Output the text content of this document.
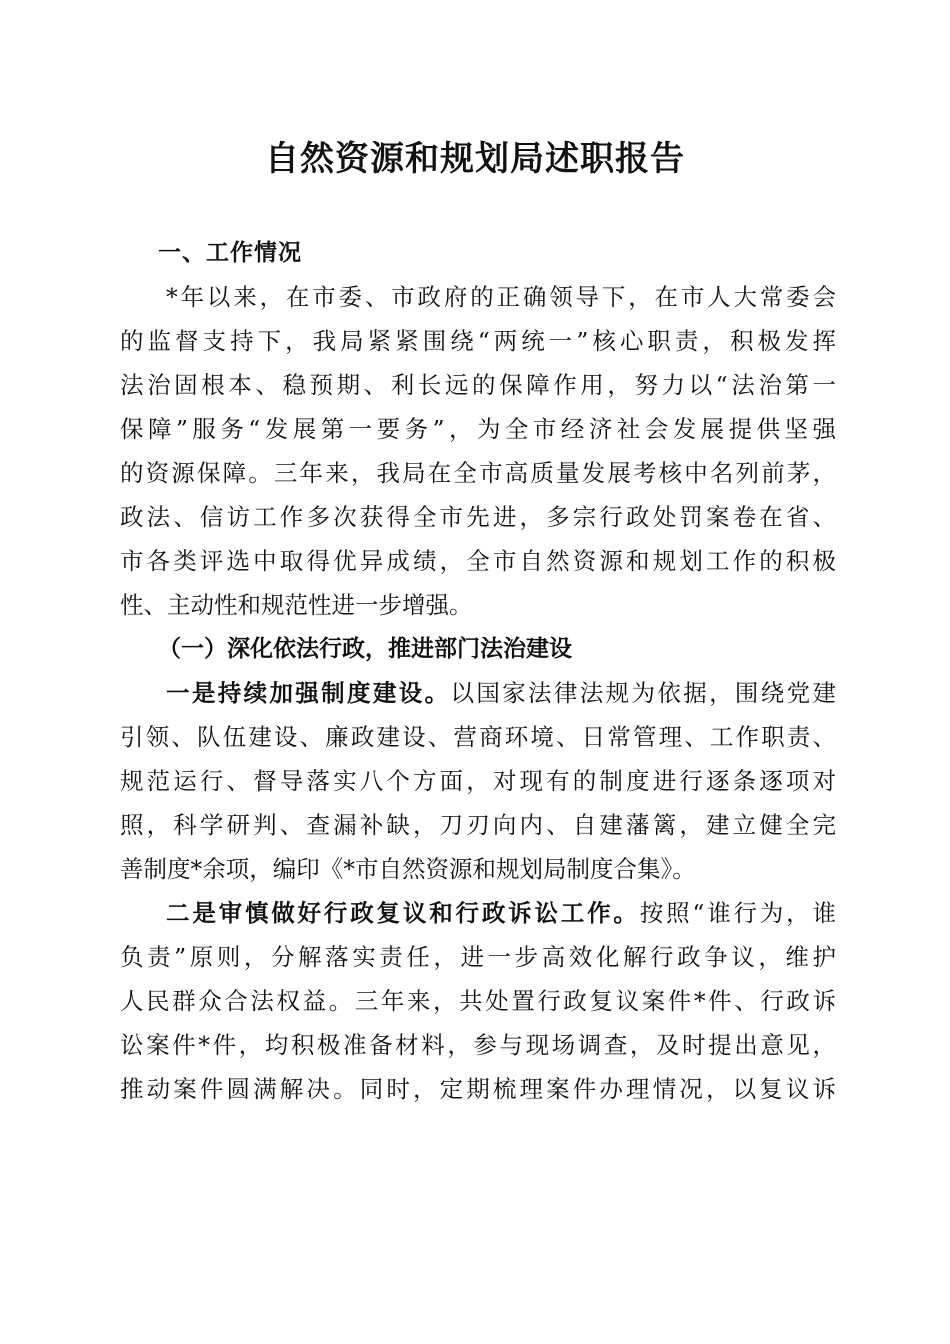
自然资源和规划局述职报告
一、工作情况
*年以来，在市委、市政府的正确领导下，在市人大常委会
的监督支持下，我局紧紧围绕“两统一”核心职责，积极发挥
法治固根本、稳预期、利长远的保障作用，努力以“法治第一
保障”服务“发展第一要务”，为全市经济社会发展提供坚强
的资源保障。三年来，我局在全市高质量发展考核中名列前茅，
政法、信访工作多次获得全市先进，多宗行政处罚案卷在省、
市各类评选中取得优异成绩，全市自然资源和规划工作的积极
性、主动性和规范性进一步增强。
（一）深化依法行政，推进部门法治建设
一是持续加强制度建设。以国家法律法规为依据，围绕党建
引领、队伍建设、廉政建设、营商环境、日常管理、工作职责、
规范运行、督导落实八个方面，对现有的制度进行逐条逐项对
照，科学研判、查漏补缺，刀刃向内、自建藩篱，建立健全完
善制度*余项，编印《*市自然资源和规划局制度合集》。
二是审慎做好行政复议和行政诉讼工作。按照“谁行为，谁
负责”原则，分解落实责任，进一步高效化解行政争议，维护
人民群众合法权益。三年来，共处置行政复议案件*件、行政诉
讼案件*件，均积极准备材料，参与现场调查，及时提出意见，
推动案件圆满解决。同时，定期梳理案件办理情况，以复议诉
